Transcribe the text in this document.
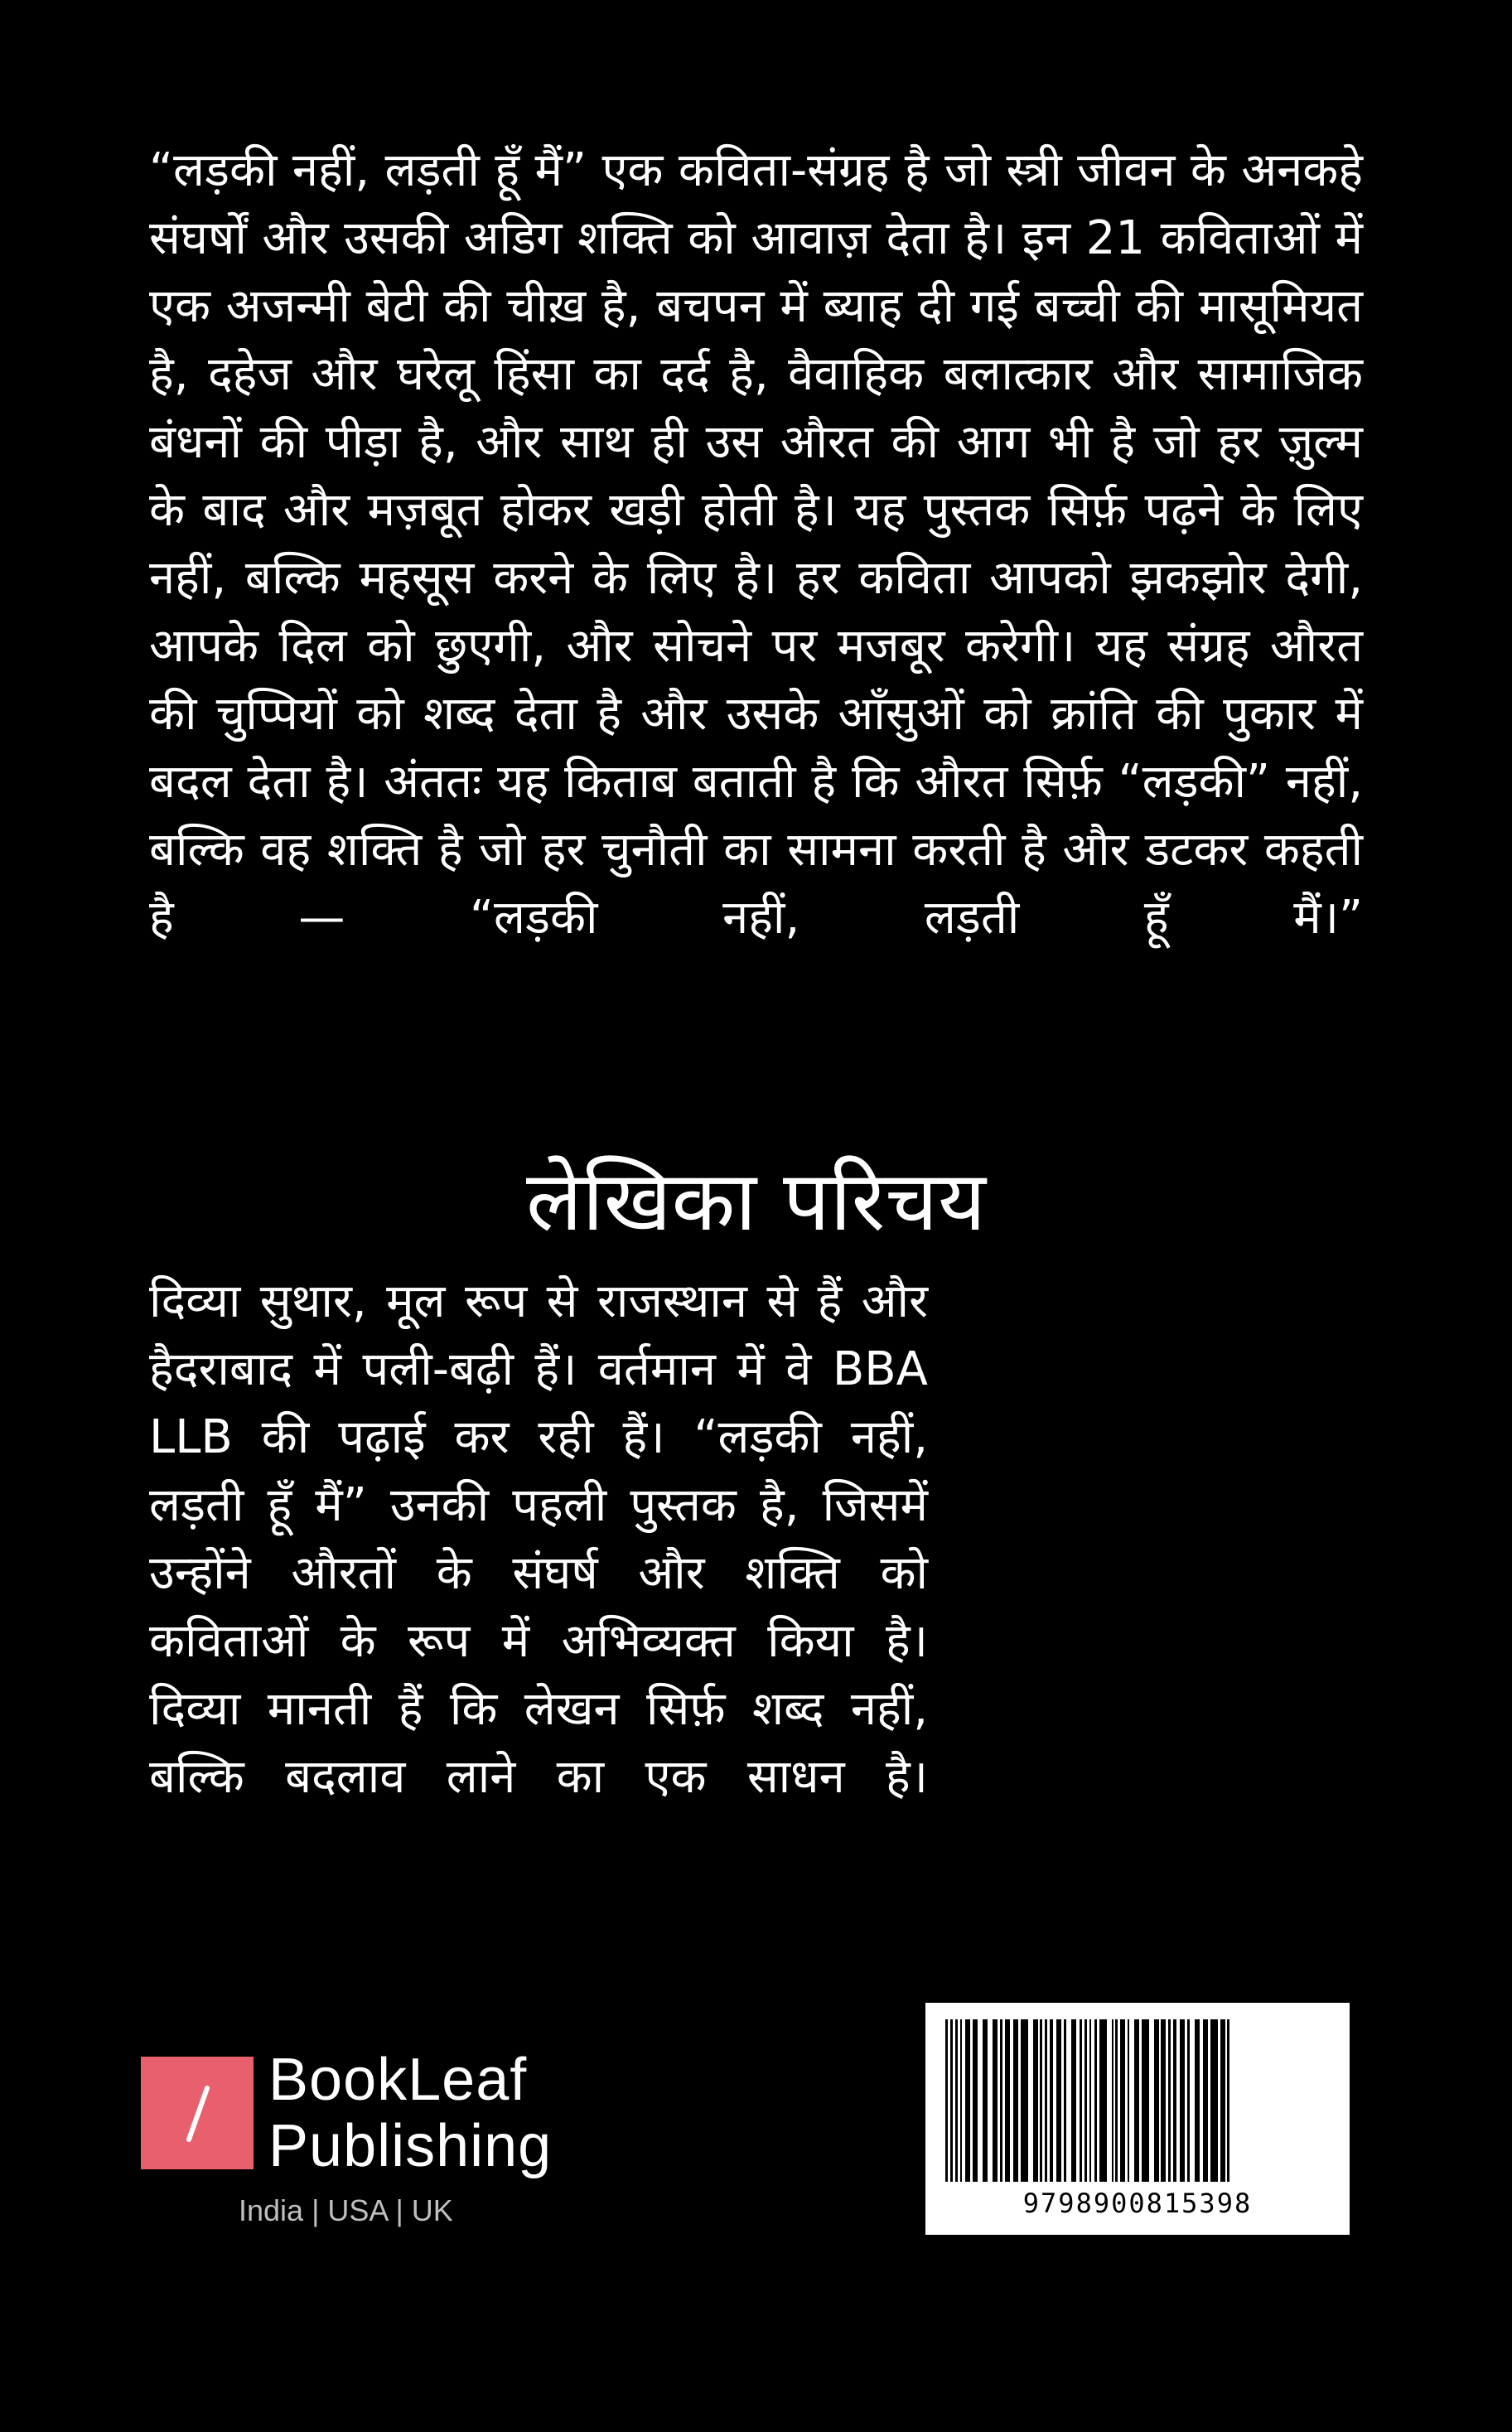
“लड़की नहीं, लड़ती हूँ मैं” एक कविता-संग्रह है जो स्त्री जीवन के अनकहे संघर्षों और उसकी अडिग शक्ति को आवाज़ देता है। इन 21 कविताओं में एक अजन्मी बेटी की चीख़ है, बचपन में ब्याह दी गई बच्ची की मासूमियत है, दहेज और घरेलू हिंसा का दर्द है, वैवाहिक बलात्कार और सामाजिक बंधनों की पीड़ा है, और साथ ही उस औरत की आग भी है जो हर ज़ुल्म के बाद और मज़बूत होकर खड़ी होती है। यह पुस्तक सिर्फ़ पढ़ने के लिए नहीं, बल्कि महसूस करने के लिए है। हर कविता आपको झकझोर देगी, आपके दिल को छुएगी, और सोचने पर मजबूर करेगी। यह संग्रह औरत की चुप्पियों को शब्द देता है और उसके आँसुओं को क्रांति की पुकार में बदल देता है। अंततः यह किताब बताती है कि औरत सिर्फ़ “लड़की” नहीं, बल्कि वह शक्ति है जो हर चुनौती का सामना करती है और डटकर कहती है — “लड़की नहीं, लड़ती हूँ मैं।”

लेखिका परिचय

दिव्या सुथार, मूल रूप से राजस्थान से हैं और हैदराबाद में पली-बढ़ी हैं। वर्तमान में वे BBA LLB की पढ़ाई कर रही हैं। “लड़की नहीं, लड़ती हूँ मैं” उनकी पहली पुस्तक है, जिसमें उन्होंने औरतों के संघर्ष और शक्ति को कविताओं के रूप में अभिव्यक्त किया है। दिव्या मानती हैं कि लेखन सिर्फ़ शब्द नहीं, बल्कि बदलाव लाने का एक साधन है।

BookLeaf
Publishing
India | USA | UK	9798900815398
